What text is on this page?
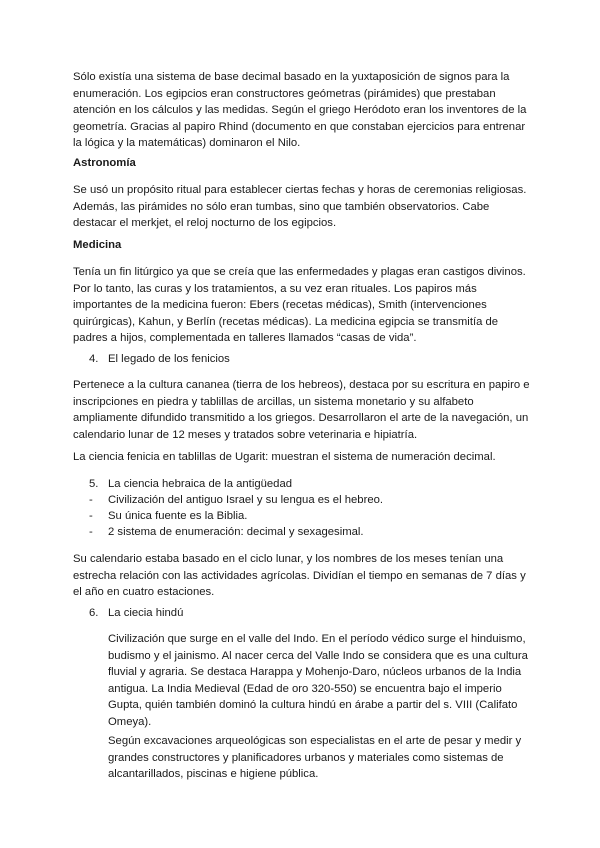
Sólo existía una sistema de base decimal basado en la yuxtaposición de signos para la enumeración. Los egipcios eran constructores geómetras (pirámides) que prestaban atención en los cálculos y las medidas. Según el griego Heródoto eran los inventores de la geometría. Gracias al papiro Rhind (documento en que constaban ejercicios para entrenar la lógica y la matemáticas) dominaron el Nilo.

Astronomía

Se usó un propósito ritual para establecer ciertas fechas y horas de ceremonias religiosas. Además, las pirámides no sólo eran tumbas, sino que también observatorios. Cabe destacar el merkjet, el reloj nocturno de los egipcios.

Medicina

Tenía un fin litúrgico ya que se creía que las enfermedades y plagas eran castigos divinos. Por lo tanto, las curas y los tratamientos, a su vez eran rituales. Los papiros más importantes de la medicina fueron: Ebers (recetas médicas), Smith (intervenciones quirúrgicas), Kahun, y Berlín (recetas médicas). La medicina egipcia se transmitía de padres a hijos, complementada en talleres llamados “casas de vida”.

4. El legado de los fenicios

Pertenece a la cultura cananea (tierra de los hebreos), destaca por su escritura en papiro e inscripciones en piedra y tablillas de arcillas, un sistema monetario y su alfabeto ampliamente difundido transmitido a los griegos. Desarrollaron el arte de la navegación, un calendario lunar de 12 meses y tratados sobre veterinaria e hipiatría.

La ciencia fenicia en tablillas de Ugarit: muestran el sistema de numeración decimal.

5. La ciencia hebraica de la antigüedad

- Civilización del antiguo Israel y su lengua es el hebreo.

- Su única fuente es la Biblia.

- 2 sistema de enumeración: decimal y sexagesimal.

Su calendario estaba basado en el ciclo lunar, y los nombres de los meses tenían una estrecha relación con las actividades agrícolas. Dividían el tiempo en semanas de 7 días y el año en cuatro estaciones.

6. La ciecia hindú

Civilización que surge en el valle del Indo. En el período védico surge el hinduismo, budismo y el jainismo. Al nacer cerca del Valle Indo se considera que es una cultura fluvial y agraria. Se destaca Harappa y Mohenjo-Daro, núcleos urbanos de la India antigua. La India Medieval (Edad de oro 320-550) se encuentra bajo el imperio Gupta, quién también dominó la cultura hindú en árabe a partir del s. VIII (Califato Omeya).

Según excavaciones arqueológicas son especialistas en el arte de pesar y medir y grandes constructores y planificadores urbanos y materiales como sistemas de alcantarillados, piscinas e higiene pública.
